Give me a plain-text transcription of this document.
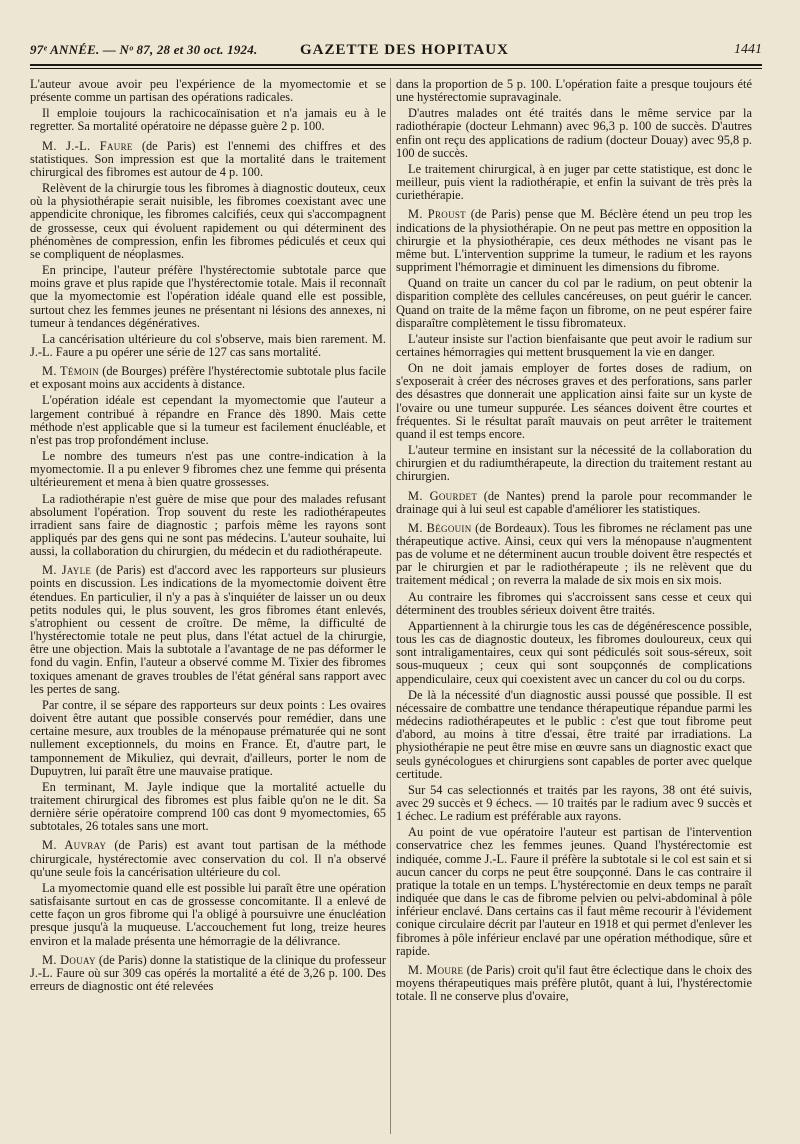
97ᵉ ANNÉE. — Nᵒ 87, 28 et 30 oct. 1924.	GAZETTE DES HOPITAUX	1441

L'auteur avoue avoir peu l'expérience de la myomectomie et se présente comme un partisan des opérations radicales.

Il emploie toujours la rachicocaïnisation et n'a jamais eu à le regretter. Sa mortalité opératoire ne dépasse guère 2 p. 100.

M. J.-L. Faure (de Paris) est l'ennemi des chiffres et des statistiques. Son impression est que la mortalité dans le traitement chirurgical des fibromes est autour de 4 p. 100.

Relèvent de la chirurgie tous les fibromes à diagnostic douteux, ceux où la physiothérapie serait nuisible, les fibromes coexistant avec une appendicite chronique, les fibromes calcifiés, ceux qui s'accompagnent de grossesse, ceux qui évoluent rapidement ou qui déterminent des phénomènes de compression, enfin les fibromes pédiculés et ceux qui se compliquent de néoplasmes.

En principe, l'auteur préfère l'hystérectomie subtotale parce que moins grave et plus rapide que l'hystérectomie totale. Mais il reconnaît que la myomectomie est l'opération idéale quand elle est possible, surtout chez les femmes jeunes ne présentant ni lésions des annexes, ni tumeur à tendances dégénératives.

La cancérisation ultérieure du col s'observe, mais bien rarement. M. J.-L. Faure a pu opérer une série de 127 cas sans mortalité.

M. Témoin (de Bourges) préfère l'hystérectomie subtotale plus facile et exposant moins aux accidents à distance.

L'opération idéale est cependant la myomectomie que l'auteur a largement contribué à répandre en France dès 1890. Mais cette méthode n'est applicable que si la tumeur est facilement énucléable, et n'est pas trop profondément incluse.

Le nombre des tumeurs n'est pas une contre-indication à la myomectomie. Il a pu enlever 9 fibromes chez une femme qui présenta ultérieurement et mena à bien quatre grossesses.

La radiothérapie n'est guère de mise que pour des malades refusant absolument l'opération. Trop souvent du reste les radiothérapeutes irradient sans faire de diagnostic ; parfois même les rayons sont appliqués par des gens qui ne sont pas médecins. L'auteur souhaite, lui aussi, la collaboration du chirurgien, du médecin et du radiothérapeute.

M. Jayle (de Paris) est d'accord avec les rapporteurs sur plusieurs points en discussion. Les indications de la myomectomie doivent être étendues. En particulier, il n'y a pas à s'inquiéter de laisser un ou deux petits nodules qui, le plus souvent, les gros fibromes étant enlevés, s'atrophient ou cessent de croître. De même, la difficulté de l'hystérectomie totale ne peut plus, dans l'état actuel de la chirurgie, être une objection. Mais la subtotale a l'avantage de ne pas déformer le fond du vagin. Enfin, l'auteur a observé comme M. Tixier des fibromes toxiques amenant de graves troubles de l'état général sans rapport avec les pertes de sang.

Par contre, il se sépare des rapporteurs sur deux points : Les ovaires doivent être autant que possible conservés pour remédier, dans une certaine mesure, aux troubles de la ménopause prématurée qui ne sont nullement exceptionnels, du moins en France. Et, d'autre part, le tamponnement de Mikuliez, qui devrait, d'ailleurs, porter le nom de Dupuytren, lui paraît être une mauvaise pratique.

En terminant, M. Jayle indique que la mortalité actuelle du traitement chirurgical des fibromes est plus faible qu'on ne le dit. Sa dernière série opératoire comprend 100 cas dont 9 myomectomies, 65 subtotales, 26 totales sans une mort.

M. Auvray (de Paris) est avant tout partisan de la méthode chirurgicale, hystérectomie avec conservation du col. Il n'a observé qu'une seule fois la cancérisation ultérieure du col.

La myomectomie quand elle est possible lui paraît être une opération satisfaisante surtout en cas de grossesse concomitante. Il a enlevé de cette façon un gros fibrome qui l'a obligé à poursuivre une énucléation presque jusqu'à la muqueuse. L'accouchement fut long, treize heures environ et la malade présenta une hémorragie de la délivrance.

M. Douay (de Paris) donne la statistique de la clinique du professeur J.-L. Faure où sur 309 cas opérés la mortalité a été de 3,26 p. 100. Des erreurs de diagnostic ont été relevées

dans la proportion de 5 p. 100. L'opération faite a presque toujours été une hystérectomie supravaginale.

D'autres malades ont été traités dans le même service par la radiothérapie (docteur Lehmann) avec 96,3 p. 100 de succès. D'autres enfin ont reçu des applications de radium (docteur Douay) avec 95,8 p. 100 de succès.

Le traitement chirurgical, à en juger par cette statistique, est donc le meilleur, puis vient la radiothérapie, et enfin la suivant de très près la curiethérapie.

M. Proust (de Paris) pense que M. Béclère étend un peu trop les indications de la physiothérapie. On ne peut pas mettre en opposition la chirurgie et la physiothérapie, ces deux méthodes ne visant pas le même but. L'intervention supprime la tumeur, le radium et les rayons suppriment l'hémorragie et diminuent les dimensions du fibrome.

Quand on traite un cancer du col par le radium, on peut obtenir la disparition complète des cellules cancéreuses, on peut guérir le cancer. Quand on traite de la même façon un fibrome, on ne peut espérer faire disparaître complètement le tissu fibromateux.

L'auteur insiste sur l'action bienfaisante que peut avoir le radium sur certaines hémorragies qui mettent brusquement la vie en danger.

On ne doit jamais employer de fortes doses de radium, on s'exposerait à créer des nécroses graves et des perforations, sans parler des désastres que donnerait une application ainsi faite sur un kyste de l'ovaire ou une tumeur suppurée. Les séances doivent être courtes et fréquentes. Si le résultat paraît mauvais on peut arrêter le traitement quand il est temps encore.

L'auteur termine en insistant sur la nécessité de la collaboration du chirurgien et du radiumthérapeute, la direction du traitement restant au chirurgien.

M. Gourdet (de Nantes) prend la parole pour recommander le drainage qui à lui seul est capable d'améliorer les statistiques.

M. Bégouin (de Bordeaux). Tous les fibromes ne réclament pas une thérapeutique active. Ainsi, ceux qui vers la ménopause n'augmentent pas de volume et ne déterminent aucun trouble doivent être respectés et par le chirurgien et par le radiothérapeute ; ils ne relèvent que du traitement médical ; on reverra la malade de six mois en six mois.

Au contraire les fibromes qui s'accroissent sans cesse et ceux qui déterminent des troubles sérieux doivent être traités.

Appartiennent à la chirurgie tous les cas de dégénérescence possible, tous les cas de diagnostic douteux, les fibromes douloureux, ceux qui sont intraligamentaires, ceux qui sont pédiculés soit sous-séreux, soit sous-muqueux ; ceux qui sont soupçonnés de complications appendiculaire, ceux qui coexistent avec un cancer du col ou du corps.

De là la nécessité d'un diagnostic aussi poussé que possible. Il est nécessaire de combattre une tendance thérapeutique répandue parmi les médecins radiothérapeutes et le public : c'est que tout fibrome peut d'abord, au moins à titre d'essai, être traité par irradiations. La physiothérapie ne peut être mise en œuvre sans un diagnostic exact que seuls gynécologues et chirurgiens sont capables de porter avec quelque certitude.

Sur 54 cas selectionnés et traités par les rayons, 38 ont été suivis, avec 29 succès et 9 échecs. — 10 traités par le radium avec 9 succès et 1 échec. Le radium est préférable aux rayons.

Au point de vue opératoire l'auteur est partisan de l'intervention conservatrice chez les femmes jeunes. Quand l'hystérectomie est indiquée, comme J.-L. Faure il préfère la subtotale si le col est sain et si aucun cancer du corps ne peut être soupçonné. Dans le cas contraire il pratique la totale en un temps. L'hystérectomie en deux temps ne paraît indiquée que dans le cas de fibrome pelvien ou pelvi-abdominal à pôle inférieur enclavé. Dans certains cas il faut même recourir à l'évidement conique circulaire décrit par l'auteur en 1918 et qui permet d'enlever les fibromes à pôle inférieur enclavé par une opération méthodique, sûre et rapide.

M. Moure (de Paris) croit qu'il faut être éclectique dans le choix des moyens thérapeutiques mais préfère plutôt, quant à lui, l'hystérectomie totale. Il ne conserve plus d'ovaire,
